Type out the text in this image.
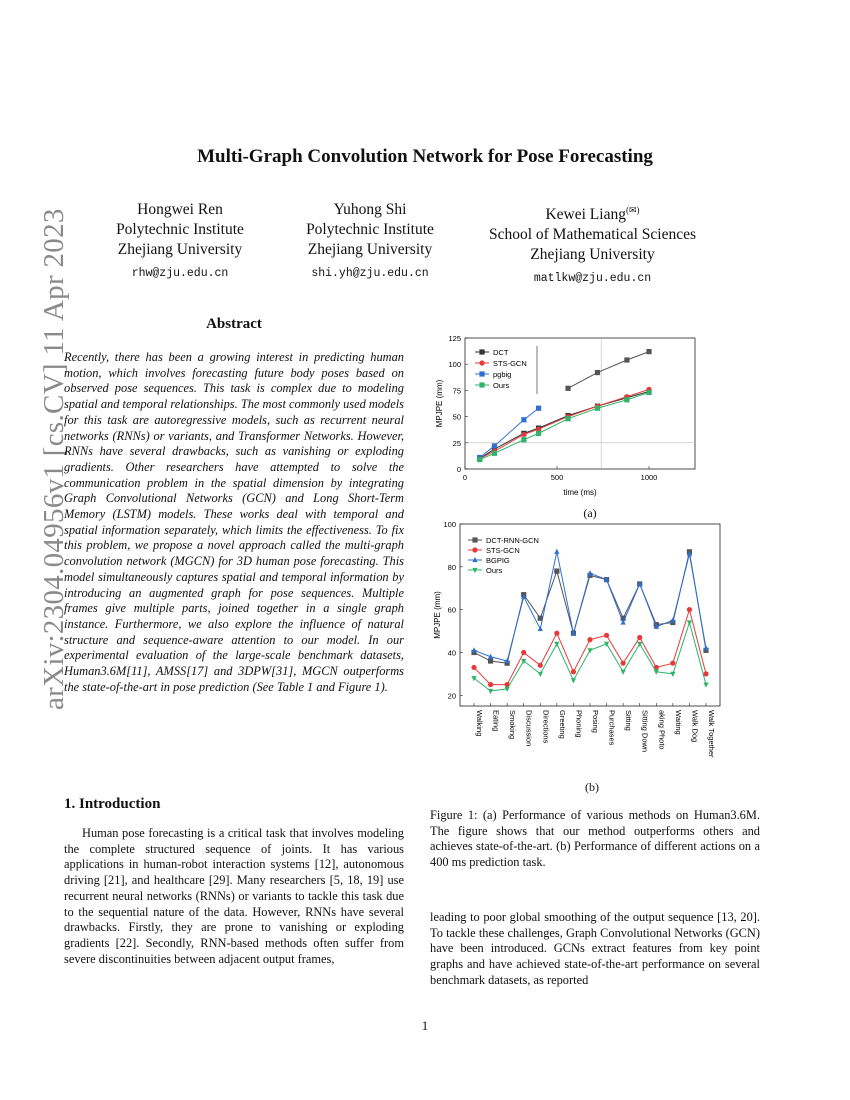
arXiv:2304.04956v1 [cs.CV] 11 Apr 2023
Multi-Graph Convolution Network for Pose Forecasting
Hongwei Ren
Polytechnic Institute
Zhejiang University
rhw@zju.edu.cn
Yuhong Shi
Polytechnic Institute
Zhejiang University
shi.yh@zju.edu.cn
Kewei Liang(✉)
School of Mathematical Sciences
Zhejiang University
matlkw@zju.edu.cn
Abstract
Recently, there has been a growing interest in predicting human motion, which involves forecasting future body poses based on observed pose sequences. This task is complex due to modeling spatial and temporal relationships. The most commonly used models for this task are autoregressive models, such as recurrent neural networks (RNNs) or variants, and Transformer Networks. However, RNNs have several drawbacks, such as vanishing or exploding gradients. Other researchers have attempted to solve the communication problem in the spatial dimension by integrating Graph Convolutional Networks (GCN) and Long Short-Term Memory (LSTM) models. These works deal with temporal and spatial information separately, which limits the effectiveness. To fix this problem, we propose a novel approach called the multi-graph convolution network (MGCN) for 3D human pose forecasting. This model simultaneously captures spatial and temporal information by introducing an augmented graph for pose sequences. Multiple frames give multiple parts, joined together in a single graph instance. Furthermore, we also explore the influence of natural structure and sequence-aware attention to our model. In our experimental evaluation of the large-scale benchmark datasets, Human3.6M[11], AMSS[17] and 3DPW[31], MGCN outperforms the state-of-the-art in pose prediction (See Table 1 and Figure 1).
1. Introduction
Human pose forecasting is a critical task that involves modeling the complete structured sequence of joints. It has various applications in human-robot interaction systems [12], autonomous driving [21], and healthcare [29]. Many researchers [5, 18, 19] use recurrent neural networks (RNNs) or variants to tackle this task due to the sequential nature of the data. However, RNNs have several drawbacks. Firstly, they are prone to vanishing or exploding gradients [22]. Secondly, RNN-based methods often suffer from severe discontinuities between adjacent output frames,
0
25
50
75
100
125
0	500	1000
time (ms)
MPJPE (mm)
DCT
STS-GCN
pgbig
Ours
(a)
20
40
60
80
100
Walking Eating Smoking Discussion Directions Greeting Phoning Posing Purchases Sitting Sitting Down aking Photo Waiting Walk Dog Walk Together
MPJPE (mm)
DCT-RNN-GCN
STS-GCN
BGPIG
Ours
(b)
Figure 1: (a) Performance of various methods on Human3.6M. The figure shows that our method outperforms others and achieves state-of-the-art. (b) Performance of different actions on a 400 ms prediction task.
leading to poor global smoothing of the output sequence [13, 20]. To tackle these challenges, Graph Convolutional Networks (GCN) have been introduced. GCNs extract features from key point graphs and have achieved state-of-the-art performance on several benchmark datasets, as reported
1
